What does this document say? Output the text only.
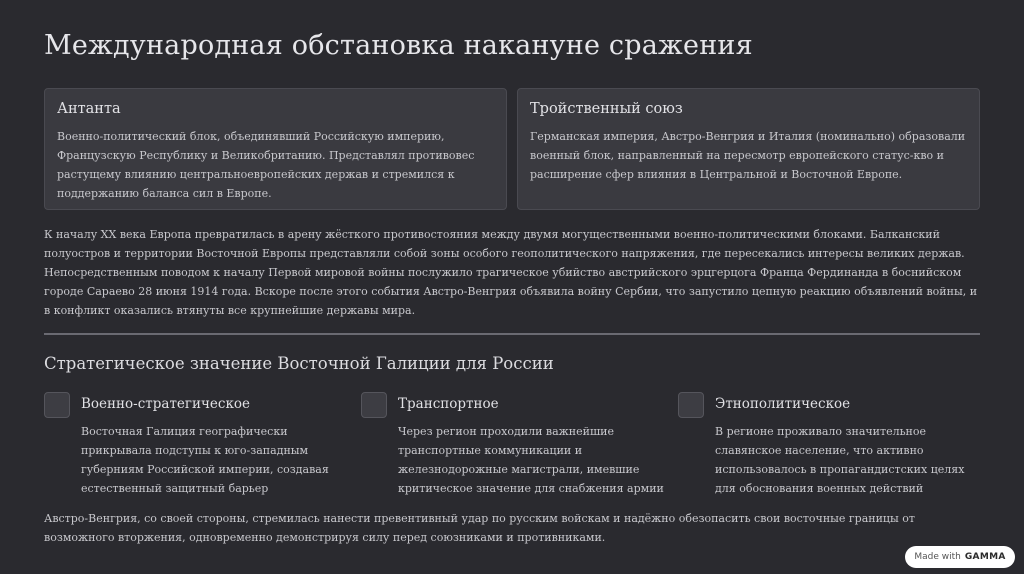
Международная обстановка накануне сражения
Антанта
Военно-политический блок, объединявший Российскую империю, Французскую Республику и Великобританию. Представлял противовес растущему влиянию центральноевропейских держав и стремился к поддержанию баланса сил в Европе.
Тройственный союз
Германская империя, Австро-Венгрия и Италия (номинально) образовали военный блок, направленный на пересмотр европейского статус-кво и расширение сфер влияния в Центральной и Восточной Европе.
К началу XX века Европа превратилась в арену жёсткого противостояния между двумя могущественными военно-политическими блоками. Балканский полуостров и территории Восточной Европы представляли собой зоны особого геополитического напряжения, где пересекались интересы великих держав. Непосредственным поводом к началу Первой мировой войны послужило трагическое убийство австрийского эрцгерцога Франца Фердинанда в боснийском городе Сараево 28 июня 1914 года. Вскоре после этого события Австро-Венгрия объявила войну Сербии, что запустило цепную реакцию объявлений войны, и в конфликт оказались втянуты все крупнейшие державы мира.
Стратегическое значение Восточной Галиции для России
Военно-стратегическое
Восточная Галиция географически прикрывала подступы к юго-западным губерниям Российской империи, создавая естественный защитный барьер
Транспортное
Через регион проходили важнейшие транспортные коммуникации и железнодорожные магистрали, имевшие критическое значение для снабжения армии
Этнополитическое
В регионе проживало значительное славянское население, что активно использовалось в пропагандистских целях для обоснования военных действий
Австро-Венгрия, со своей стороны, стремилась нанести превентивный удар по русским войскам и надёжно обезопасить свои восточные границы от возможного вторжения, одновременно демонстрируя силу перед союзниками и противниками.
Made with GAMMA
